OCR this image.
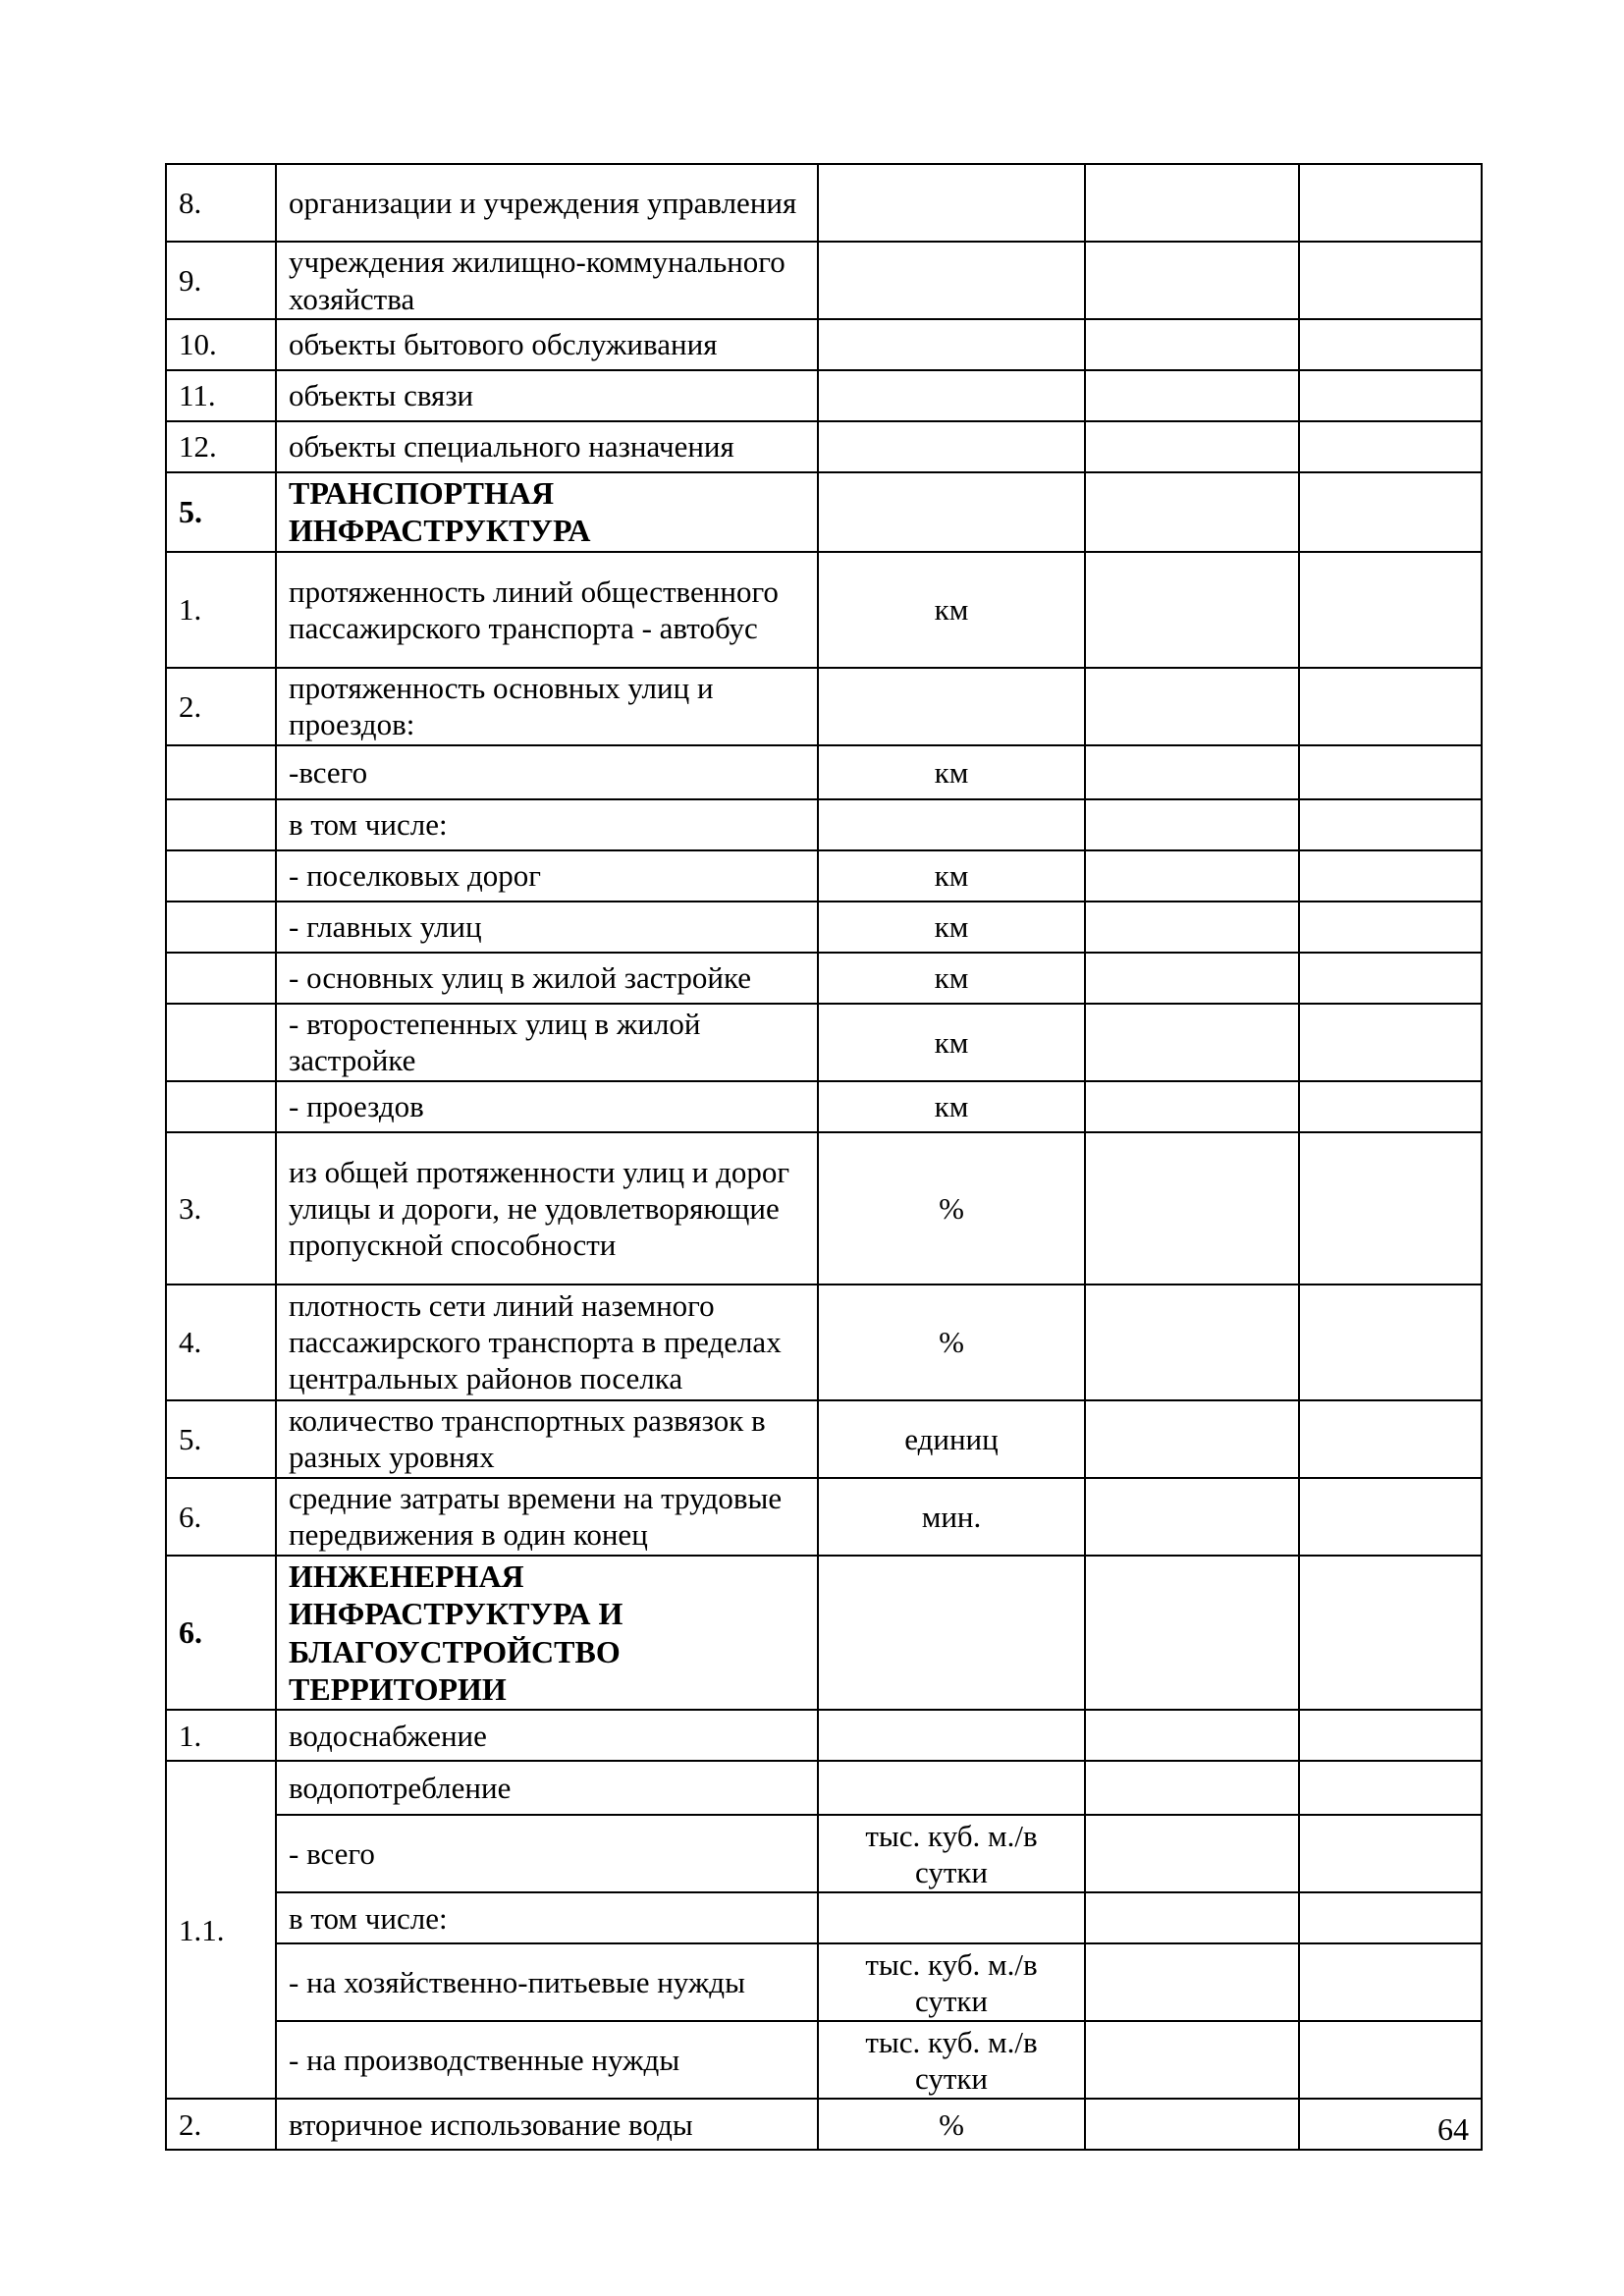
8.	организации и учреждения управления			
9.	учреждения жилищно-коммунального хозяйства			
10.	объекты бытового обслуживания			
11.	объекты связи			
12.	объекты специального назначения			
5.	ТРАНСПОРТНАЯ ИНФРАСТРУКТУРА			
1.	протяженность линий общественного пассажирского транспорта - автобус	км		
2.	протяженность основных улиц и проездов:			
	-всего	км		
	в том числе:			
	- поселковых дорог	км		
	- главных улиц	км		
	- основных улиц в жилой застройке	км		
	- второстепенных улиц в жилой застройке	км		
	- проездов	км		
3.	из общей протяженности улиц и дорог улицы и дороги, не удовлетворяющие пропускной способности	%		
4.	плотность сети линий наземного пассажирского транспорта в пределах центральных районов поселка	%		
5.	количество транспортных развязок в разных уровнях	единиц		
6.	средние затраты времени на трудовые передвижения в один конец	мин.		
6.	ИНЖЕНЕРНАЯ ИНФРАСТРУКТУРА И БЛАГОУСТРОЙСТВО ТЕРРИТОРИИ			
1.	водоснабжение			
1.1.	водопотребление			
	- всего	тыс. куб. м./в сутки		
	в том числе:			
	- на хозяйственно-питьевые нужды	тыс. куб. м./в сутки		
	- на производственные нужды	тыс. куб. м./в сутки		
2.	вторичное использование воды	%			64
